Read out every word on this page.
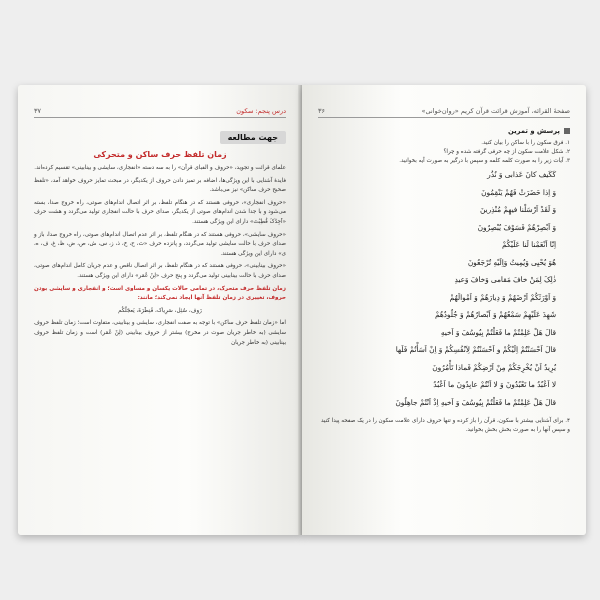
درس پنجم: سکون
۳۷
جهت مطالعه
زمان تلفظ حرف ساکن و متحرکی
علمای قرائت و تجوید، «حروف و الفبای قرآن» را به سه دسته «انفجاری، سایشی و بینابینی» تقسیم کرده‌اند.
فایدهٔ آشنایی با این ویژگی‌ها، اضافه بر تمیز دادن حروف از یکدیگر، در مبحث تمایز حروف خواهد آمد، «تلفظ صحیح حرف ساکن» نیز می‌باشد.
«حروف انفجاری»، حروفی هستند که در هنگام تلفظ، بر اثر اتصال اندام‌های صوتی، راه خروج صدا، بسته می‌شود و با جدا شدن اندام‌های صوتی از یکدیگر، صدای حرف با حالت انفجاری تولید می‌گردد و هشت حرف «اَجِدُکَ قُطِبْتَ» دارای این ویژگی هستند.
«حروف سایشی»، حروفی هستند که در هنگام تلفظ، بر اثر عدم اتصال اندام‌های صوتی، راه خروج صدا، باز و صدای حرف با حالت سایشی تولید می‌گردد، و پانزده حرف «ث، ح، خ، ذ، ز، س، ش، ص، ض، ظ، غ، ف، ه، ی» دارای این ویژگی هستند.
«حروف بینابینی»، حروفی هستند که در هنگام تلفظ، بر اثر اتصال ناقص و عدم جریان کامل اندام‌های صوتی، صدای حرف با حالت بینابینی تولید می‌گردد و پنج حرف «لِنْ عُمَر» دارای این ویژگی هستند.
زمان تلفظ حرف متحرک، در تمامی حالات یکسان و مساوی است؛ و انفجاری و سایشی بودن حروف، تغییری در زمان تلفظ آنها ایجاد نمی‌کند؛ مانند:
رَوف، سُئِل، سَرِیاک، قَنِطَرَهْ، یَعجَلُکُم
اما «زمان تلفظ حرف ساکن» با توجه به صفت انفجاری، سایشی و بینابینی، متفاوت است؛ زمان تلفظ حروف سایشی (به خاطر جریان صوت در مخرج) بیشتر از حروف بینابینی (لِنْ عُمَر) است و زمان تلفظ حروف بینابینی (به خاطر جریان
صفحهٔ القرائه، آموزش قرائت قرآن کریم «روان‌خوانی»
۳۶
پرسش و تمرین
۱. فرق سکون را با ساکن را بیان کنید.
۲. شکل علامت سکون از چه حرفی گرفته شده و چرا؟
۳. آیات زیر را به صورت کلمه کلمه و سپس با درگیر به صورت آیه بخوانید.
کَکَیف کانَ عَذابی وَ نُذُر
وَ اِذا حَضَرَتْ فَهُمْ یَنْقِمُونَ
وَ لَقَدْ اَرْسَلْنا فیهِمْ مُنْذِرینَ
وَ اَبْصِرْهُمْ فَسَوْفَ یُبْصِرُونَ
اِنّا اَنْعَمْنا لَنا عَلَیْکُمْ
هُوَ یُحْیِی وَیُمِیتُ وَاِلَیْهِ تُرْجَعُونَ
ذٰلِکَ لِمَنْ خافَ مَقامی وَخافَ وَعیدِ
وَ اَوْرَثَکُمْ اَرْضَهُمْ وَ دِیارَهُمْ وَ اَمْوالَهُمْ
شَهِدَ عَلَیْهِمْ سَمْعُهُمْ وَ اَبْصارُهُمْ وَ جُلُودُهُمْ
قالَ هَلْ عَلِمْتُمْ ما فَعَلْتُمْ بِیُوسُفَ وَ اَخیهِ
قالَ اَحْسَنْتُمْ اِلَیْکُمْ و اَحْسَنْتُمْ لِاَنْفُسِکُمْ وَ اِنْ اَسَأْتُمْ فَلَها
یُرِیدُ اَنْ یُخْرِجَکُمْ مِنْ اَرْضِکُمْ فَماذا تَأْمُرُونَ
لا اَعْبُدُ ما تَعْبُدُونَ وَ لا اَنْتُمْ عابِدُونَ ما اَعْبُدُ
قالَ هَلْ عَلِمْتُمْ ما فَعَلْتُمْ بِیُوسُفَ وَ اَخیهِ اِذْ اَنْتُمْ جاهِلُونَ
۴. برای آشنایی بیشتر با سکون، قرآن را باز کرده و تنها حروف دارای علامت سکون را در یک صفحه پیدا کنید و سپس آنها را به صورت بخش بخش بخوانید.
